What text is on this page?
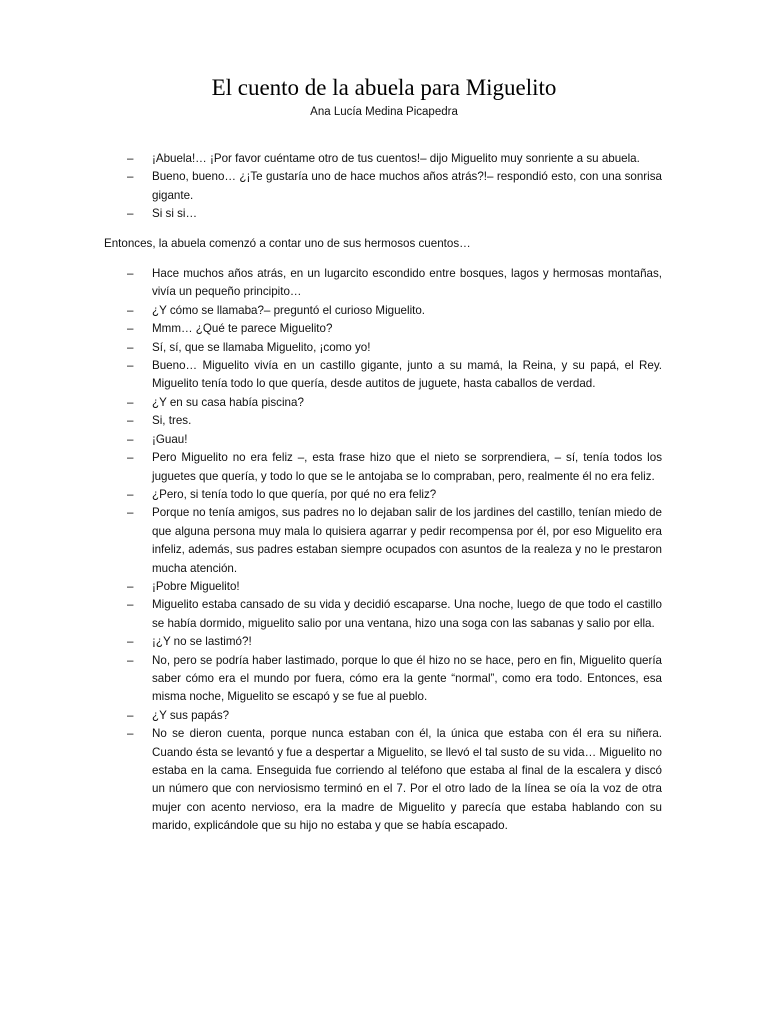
El cuento de la abuela para Miguelito
Ana Lucía Medina Picapedra
– ¡Abuela!… ¡Por favor cuéntame otro de tus cuentos!– dijo Miguelito muy sonriente a su abuela.
– Bueno, bueno… ¿¡Te gustaría uno de hace muchos años atrás?!– respondió esto, con una sonrisa gigante.
– Si si si…

Entonces, la abuela comenzó a contar uno de sus hermosos cuentos…

– Hace muchos años atrás, en un lugarcito escondido entre bosques, lagos y hermosas montañas, vivía un pequeño principito…
– ¿Y cómo se llamaba?– preguntó el curioso Miguelito.
– Mmm… ¿Qué te parece Miguelito?
– Sí, sí, que se llamaba Miguelito, ¡como yo!
– Bueno… Miguelito vivía en un castillo gigante, junto a su mamá, la Reina, y su papá, el Rey. Miguelito tenía todo lo que quería, desde autitos de juguete, hasta caballos de verdad.
– ¿Y en su casa había piscina?
– Si, tres.
– ¡Guau!
– Pero Miguelito no era feliz –, esta frase hizo que el nieto se sorprendiera, – sí, tenía todos los juguetes que quería, y todo lo que se le antojaba se lo compraban, pero, realmente él no era feliz.
– ¿Pero, si tenía todo lo que quería, por qué no era feliz?
– Porque no tenía amigos, sus padres no lo dejaban salir de los jardines del castillo, tenían miedo de que alguna persona muy mala lo quisiera agarrar y pedir recompensa por él, por eso Miguelito era infeliz, además, sus padres estaban siempre ocupados con asuntos de la realeza y no le prestaron mucha atención.
– ¡Pobre Miguelito!
– Miguelito estaba cansado de su vida y decidió escaparse. Una noche, luego de que todo el castillo se había dormido, miguelito salio por una ventana, hizo una soga con las sabanas y salio por ella.
– ¡¿Y no se lastimó?!
– No, pero se podría haber lastimado, porque lo que él hizo no se hace, pero en fin, Miguelito quería saber cómo era el mundo por fuera, cómo era la gente “normal”, como era todo. Entonces, esa misma noche, Miguelito se escapó y se fue al pueblo.
– ¿Y sus papás?
– No se dieron cuenta, porque nunca estaban con él, la única que estaba con él era su niñera. Cuando ésta se levantó y fue a despertar a Miguelito, se llevó el tal susto de su vida… Miguelito no estaba en la cama. Enseguida fue corriendo al teléfono que estaba al final de la escalera y discó un número que con nerviosismo terminó en el 7. Por el otro lado de la línea se oía la voz de otra mujer con acento nervioso, era la madre de Miguelito y parecía que estaba hablando con su marido, explicándole que su hijo no estaba y que se había escapado.
